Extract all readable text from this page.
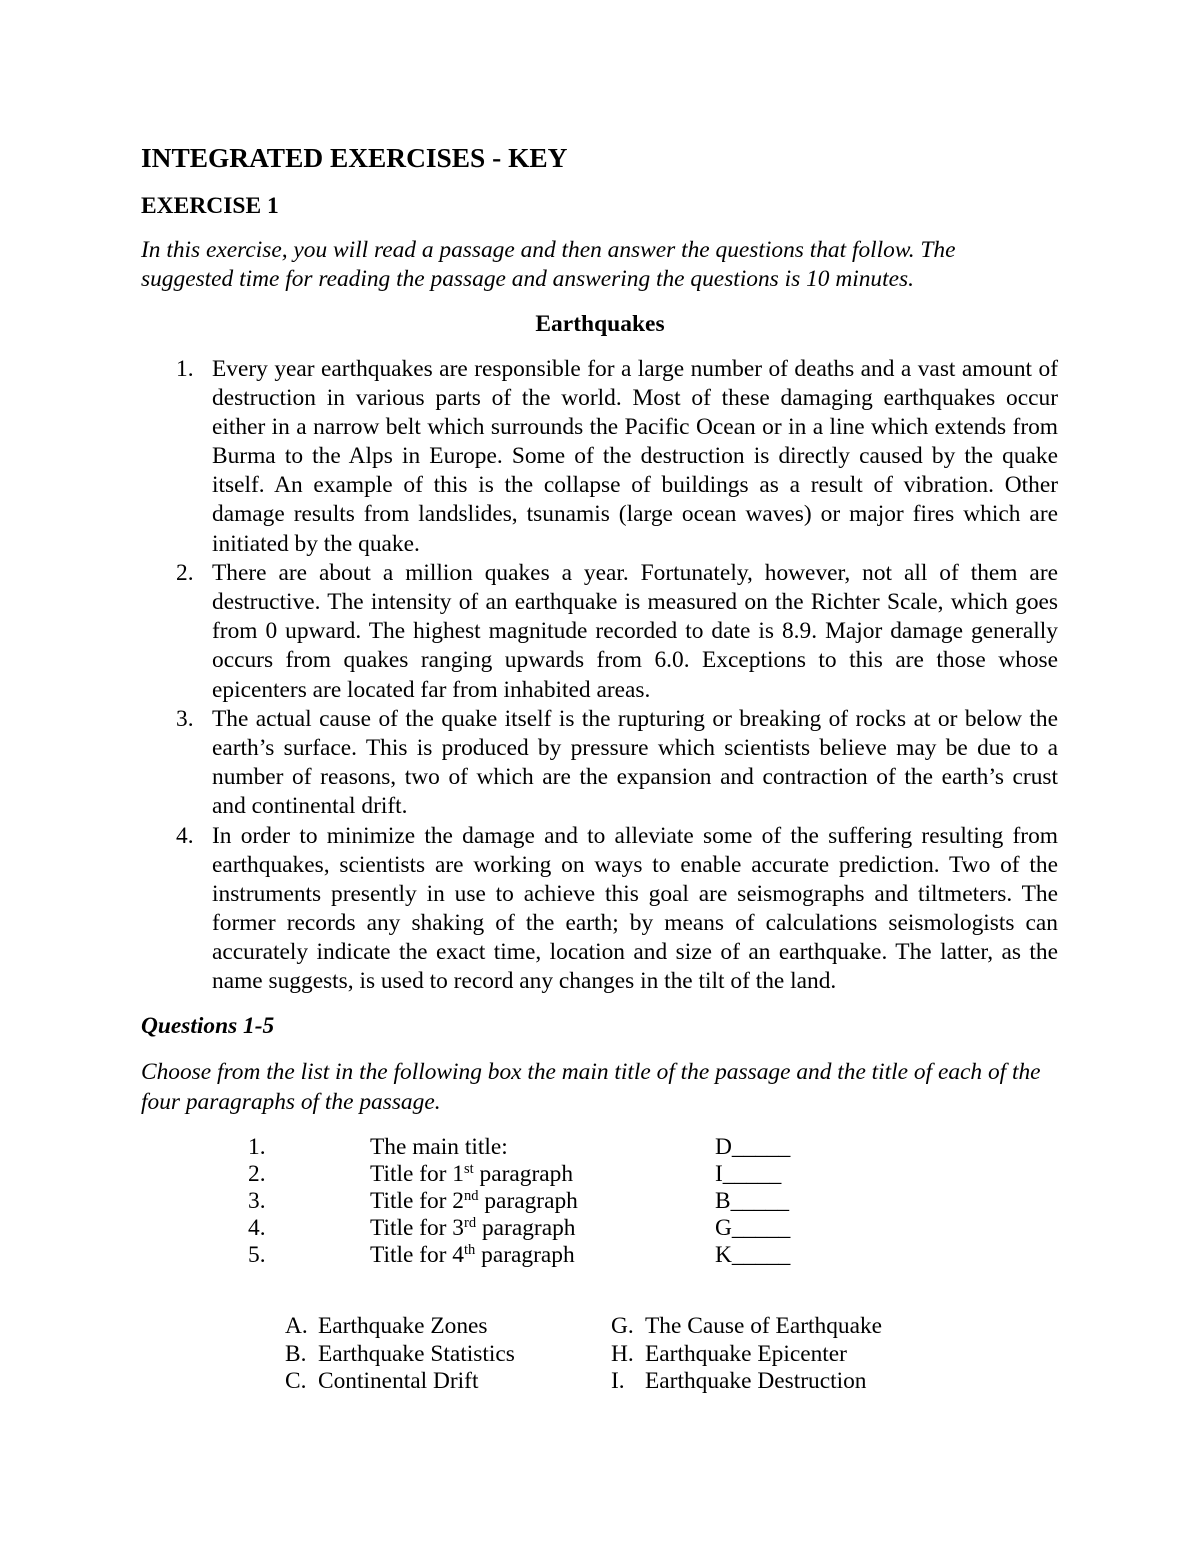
INTEGRATED EXERCISES - KEY
EXERCISE 1
In this exercise, you will read a passage and then answer the questions that follow. The
suggested time for reading the passage and answering the questions is 10 minutes.
Earthquakes
1. Every year earthquakes are responsible for a large number of deaths and a vast amount of
destruction in various parts of the world. Most of these damaging earthquakes occur
either in a narrow belt which surrounds the Pacific Ocean or in a line which extends from
Burma to the Alps in Europe. Some of the destruction is directly caused by the quake
itself. An example of this is the collapse of buildings as a result of vibration. Other
damage results from landslides, tsunamis (large ocean waves) or major fires which are
initiated by the quake.
2. There are about a million quakes a year. Fortunately, however, not all of them are
destructive. The intensity of an earthquake is measured on the Richter Scale, which goes
from 0 upward. The highest magnitude recorded to date is 8.9. Major damage generally
occurs from quakes ranging upwards from 6.0. Exceptions to this are those whose
epicenters are located far from inhabited areas.
3. The actual cause of the quake itself is the rupturing or breaking of rocks at or below the
earth’s surface. This is produced by pressure which scientists believe may be due to a
number of reasons, two of which are the expansion and contraction of the earth’s crust
and continental drift.
4. In order to minimize the damage and to alleviate some of the suffering resulting from
earthquakes, scientists are working on ways to enable accurate prediction. Two of the
instruments presently in use to achieve this goal are seismographs and tiltmeters. The
former records any shaking of the earth; by means of calculations seismologists can
accurately indicate the exact time, location and size of an earthquake. The latter, as the
name suggests, is used to record any changes in the tilt of the land.
Questions 1-5
Choose from the list in the following box the main title of the passage and the title of each of the
four paragraphs of the passage.
1.	The main title:	D_____
2.	Title for 1st paragraph	I_____
3.	Title for 2nd paragraph	B_____
4.	Title for 3rd paragraph	G_____
5.	Title for 4th paragraph	K_____
A. Earthquake Zones	G. The Cause of Earthquake
B. Earthquake Statistics	H. Earthquake Epicenter
C. Continental Drift	I. Earthquake Destruction
